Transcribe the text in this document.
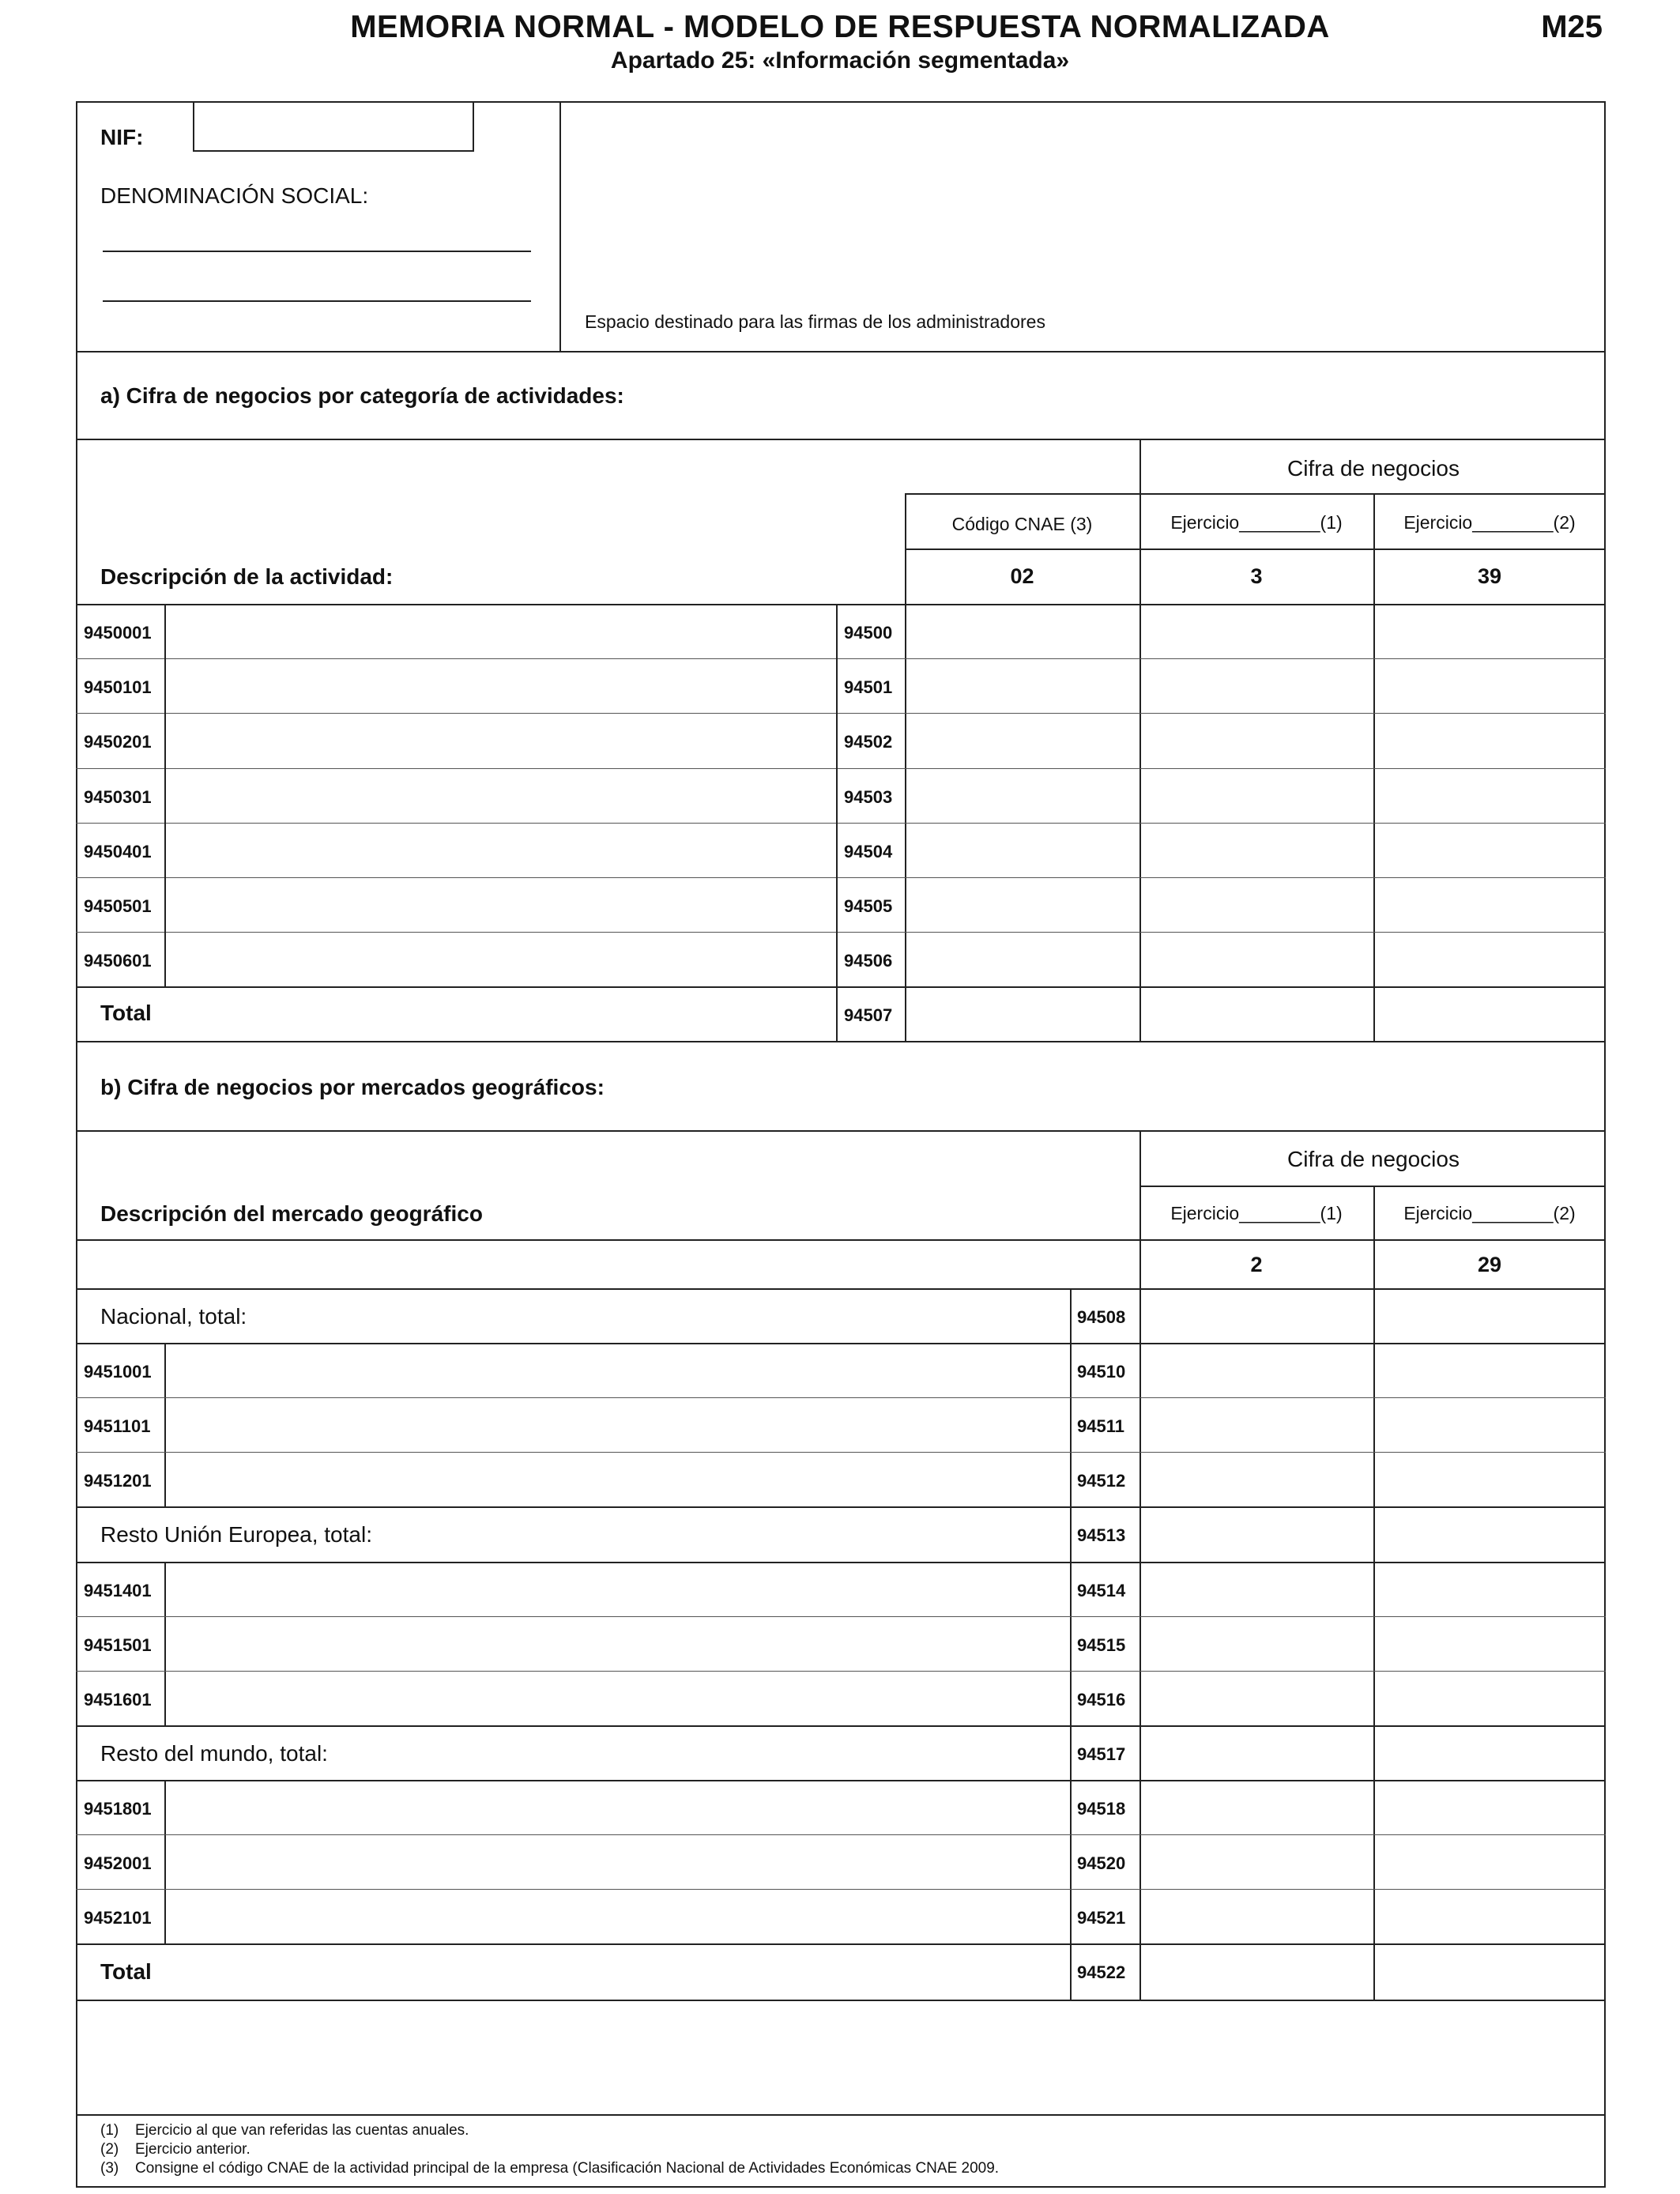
MEMORIA NORMAL - MODELO DE RESPUESTA NORMALIZADA
Apartado 25: «Información segmentada»
M25
NIF:
DENOMINACIÓN SOCIAL:
Espacio destinado para las firmas de los administradores
a) Cifra de negocios por categoría de actividades:
Cifra de negocios
Código CNAE (3)	Ejercicio________(1)	Ejercicio________(2)
Descripción de la actividad:	02	3	39
9450001	94500
9450101	94501
9450201	94502
9450301	94503
9450401	94504
9450501	94505
9450601	94506
Total	94507
b) Cifra de negocios por mercados geográficos:
Cifra de negocios
Descripción del mercado geográfico	Ejercicio________(1)	Ejercicio________(2)
2	29
Nacional, total:	94508
9451001	94510
9451101	94511
9451201	94512
Resto Unión Europea, total:	94513
9451401	94514
9451501	94515
9451601	94516
Resto del mundo, total:	94517
9451801	94518
9452001	94520
9452101	94521
Total	94522
(1)	Ejercicio al que van referidas las cuentas anuales.
(2)	Ejercicio anterior.
(3)	Consigne el código CNAE de la actividad principal de la empresa (Clasificación Nacional de Actividades Económicas CNAE 2009.
